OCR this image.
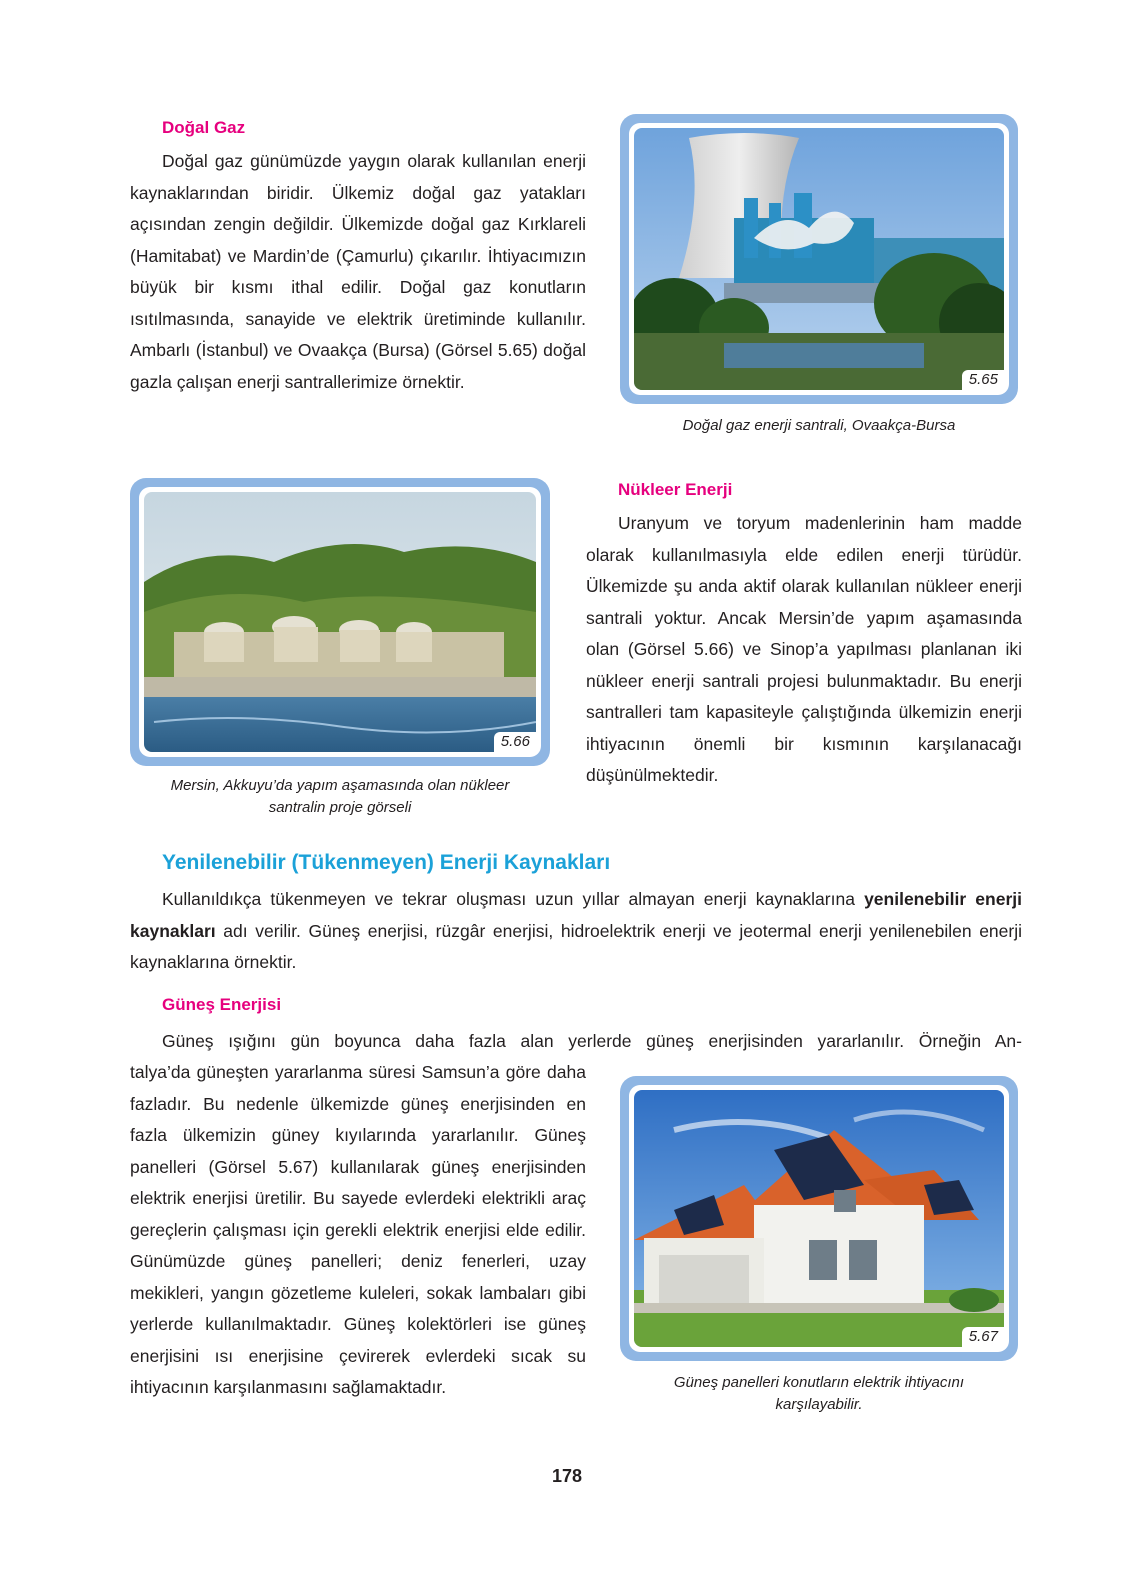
Doğal Gaz

Doğal gaz günümüzde yaygın olarak kullanılan enerji kaynaklarından biridir. Ülkemiz doğal gaz yatakları açısından zengin değildir. Ülkemizde doğal gaz Kırklareli (Hamitabat) ve Mardin’de (Çamurlu) çıkarılır. İhtiyacımızın büyük bir kısmı ithal edilir. Doğal gaz konutların ısıtılmasında, sanayide ve elektrik üretiminde kullanılır. Ambarlı (İstanbul) ve Ovaakça (Bursa) (Görsel 5.65) doğal gazla çalışan enerji santrallerimize örnektir.	5.65
Doğal gaz enerji santrali, Ovaakça-Bursa
5.66
Mersin, Akkuyu’da yapım aşamasında olan nükleer
santralin proje görseli
Nükleer Enerji

Uranyum ve toryum madenlerinin ham madde olarak kullanılmasıyla elde edilen enerji türüdür. Ülkemizde şu anda aktif olarak kullanılan nükleer enerji santrali yoktur. Ancak Mersin’de yapım aşamasında olan (Görsel 5.66) ve Sinop’a yapılması planlanan iki nükleer enerji santrali projesi bulunmaktadır. Bu enerji santralleri tam kapasiteyle çalıştığında ülkemizin enerji ihtiyacının önemli bir kısmının karşılanacağı düşünülmektedir.

Yenilenebilir (Tükenmeyen) Enerji Kaynakları

Kullanıldıkça tükenmeyen ve tekrar oluşması uzun yıllar almayan enerji kaynaklarına yenilenebilir enerji kaynakları adı verilir. Güneş enerjisi, rüzgâr enerjisi, hidroelektrik enerji ve jeotermal enerji yenilenebilen enerji kaynaklarına örnektir.

Güneş Enerjisi

Güneş ışığını gün boyunca daha fazla alan yerlerde güneş enerjisinden yararlanılır. Örneğin An-

talya’da güneşten yararlanma süresi Samsun’a göre daha fazladır. Bu nedenle ülkemizde güneş enerjisinden en fazla ülkemizin güney kıyılarında yararlanılır. Güneş panelleri (Görsel 5.67) kullanılarak güneş enerjisinden elektrik enerjisi üretilir. Bu sayede evlerdeki elektrikli araç gereçlerin çalışması için gerekli elektrik enerjisi elde edilir. Günümüzde güneş panelleri; deniz fenerleri, uzay mekikleri, yangın gözetleme kuleleri, sokak lambaları gibi yerlerde kullanılmaktadır. Güneş kolektörleri ise güneş enerjisini ısı enerjisine çevirerek evlerdeki sıcak su ihtiyacının karşılanmasını sağlamaktadır.

5.67
Güneş panelleri konutların elektrik ihtiyacını
karşılayabilir.
178
